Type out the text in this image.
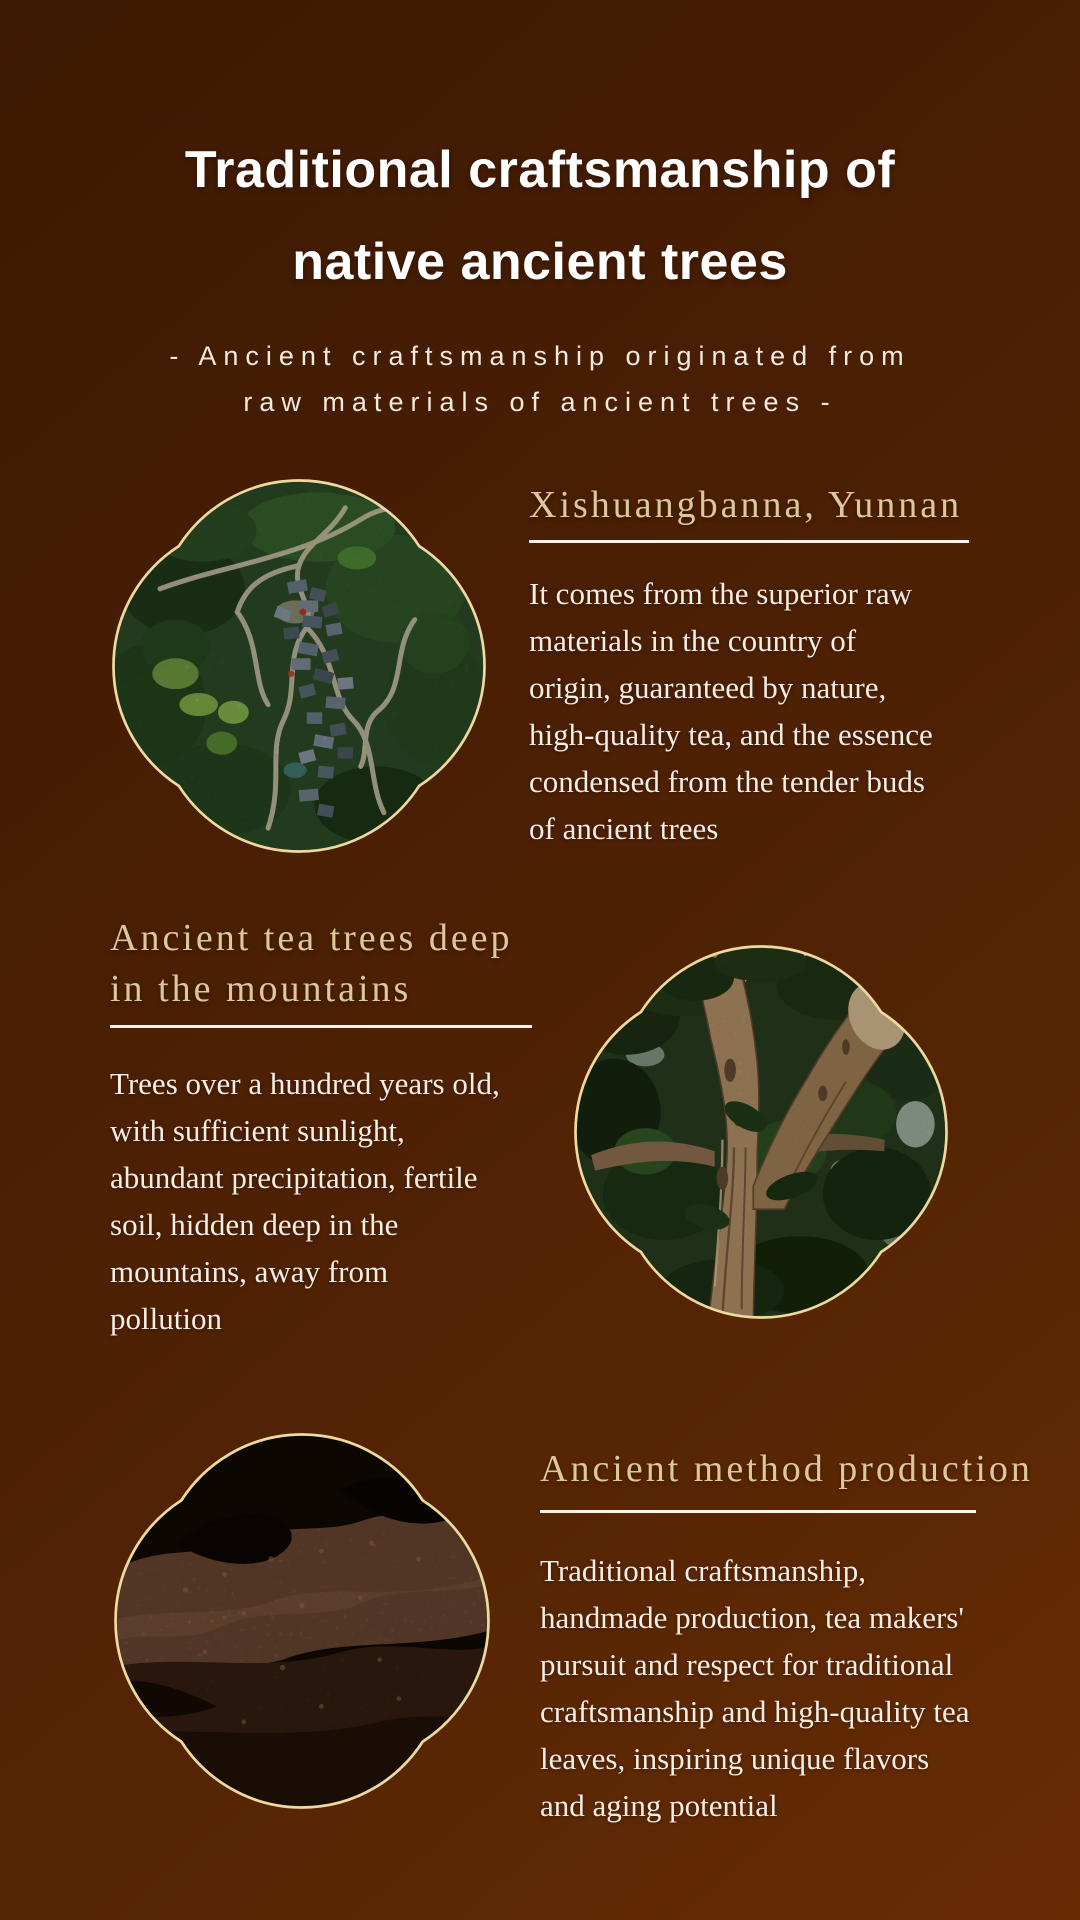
Traditional craftsmanship of
native ancient trees
- Ancient craftsmanship originated from
raw materials of ancient trees -
Xishuangbanna, Yunnan
It comes from the superior raw
materials in the country of
origin, guaranteed by nature,
high-quality tea, and the essence
condensed from the tender buds
of ancient trees
Ancient tea trees deep
in the mountains
Trees over a hundred years old,
with sufficient sunlight,
abundant precipitation, fertile
soil, hidden deep in the
mountains, away from
pollution
Ancient method production
Traditional craftsmanship,
handmade production, tea makers'
pursuit and respect for traditional
craftsmanship and high-quality tea
leaves, inspiring unique flavors
and aging potential
